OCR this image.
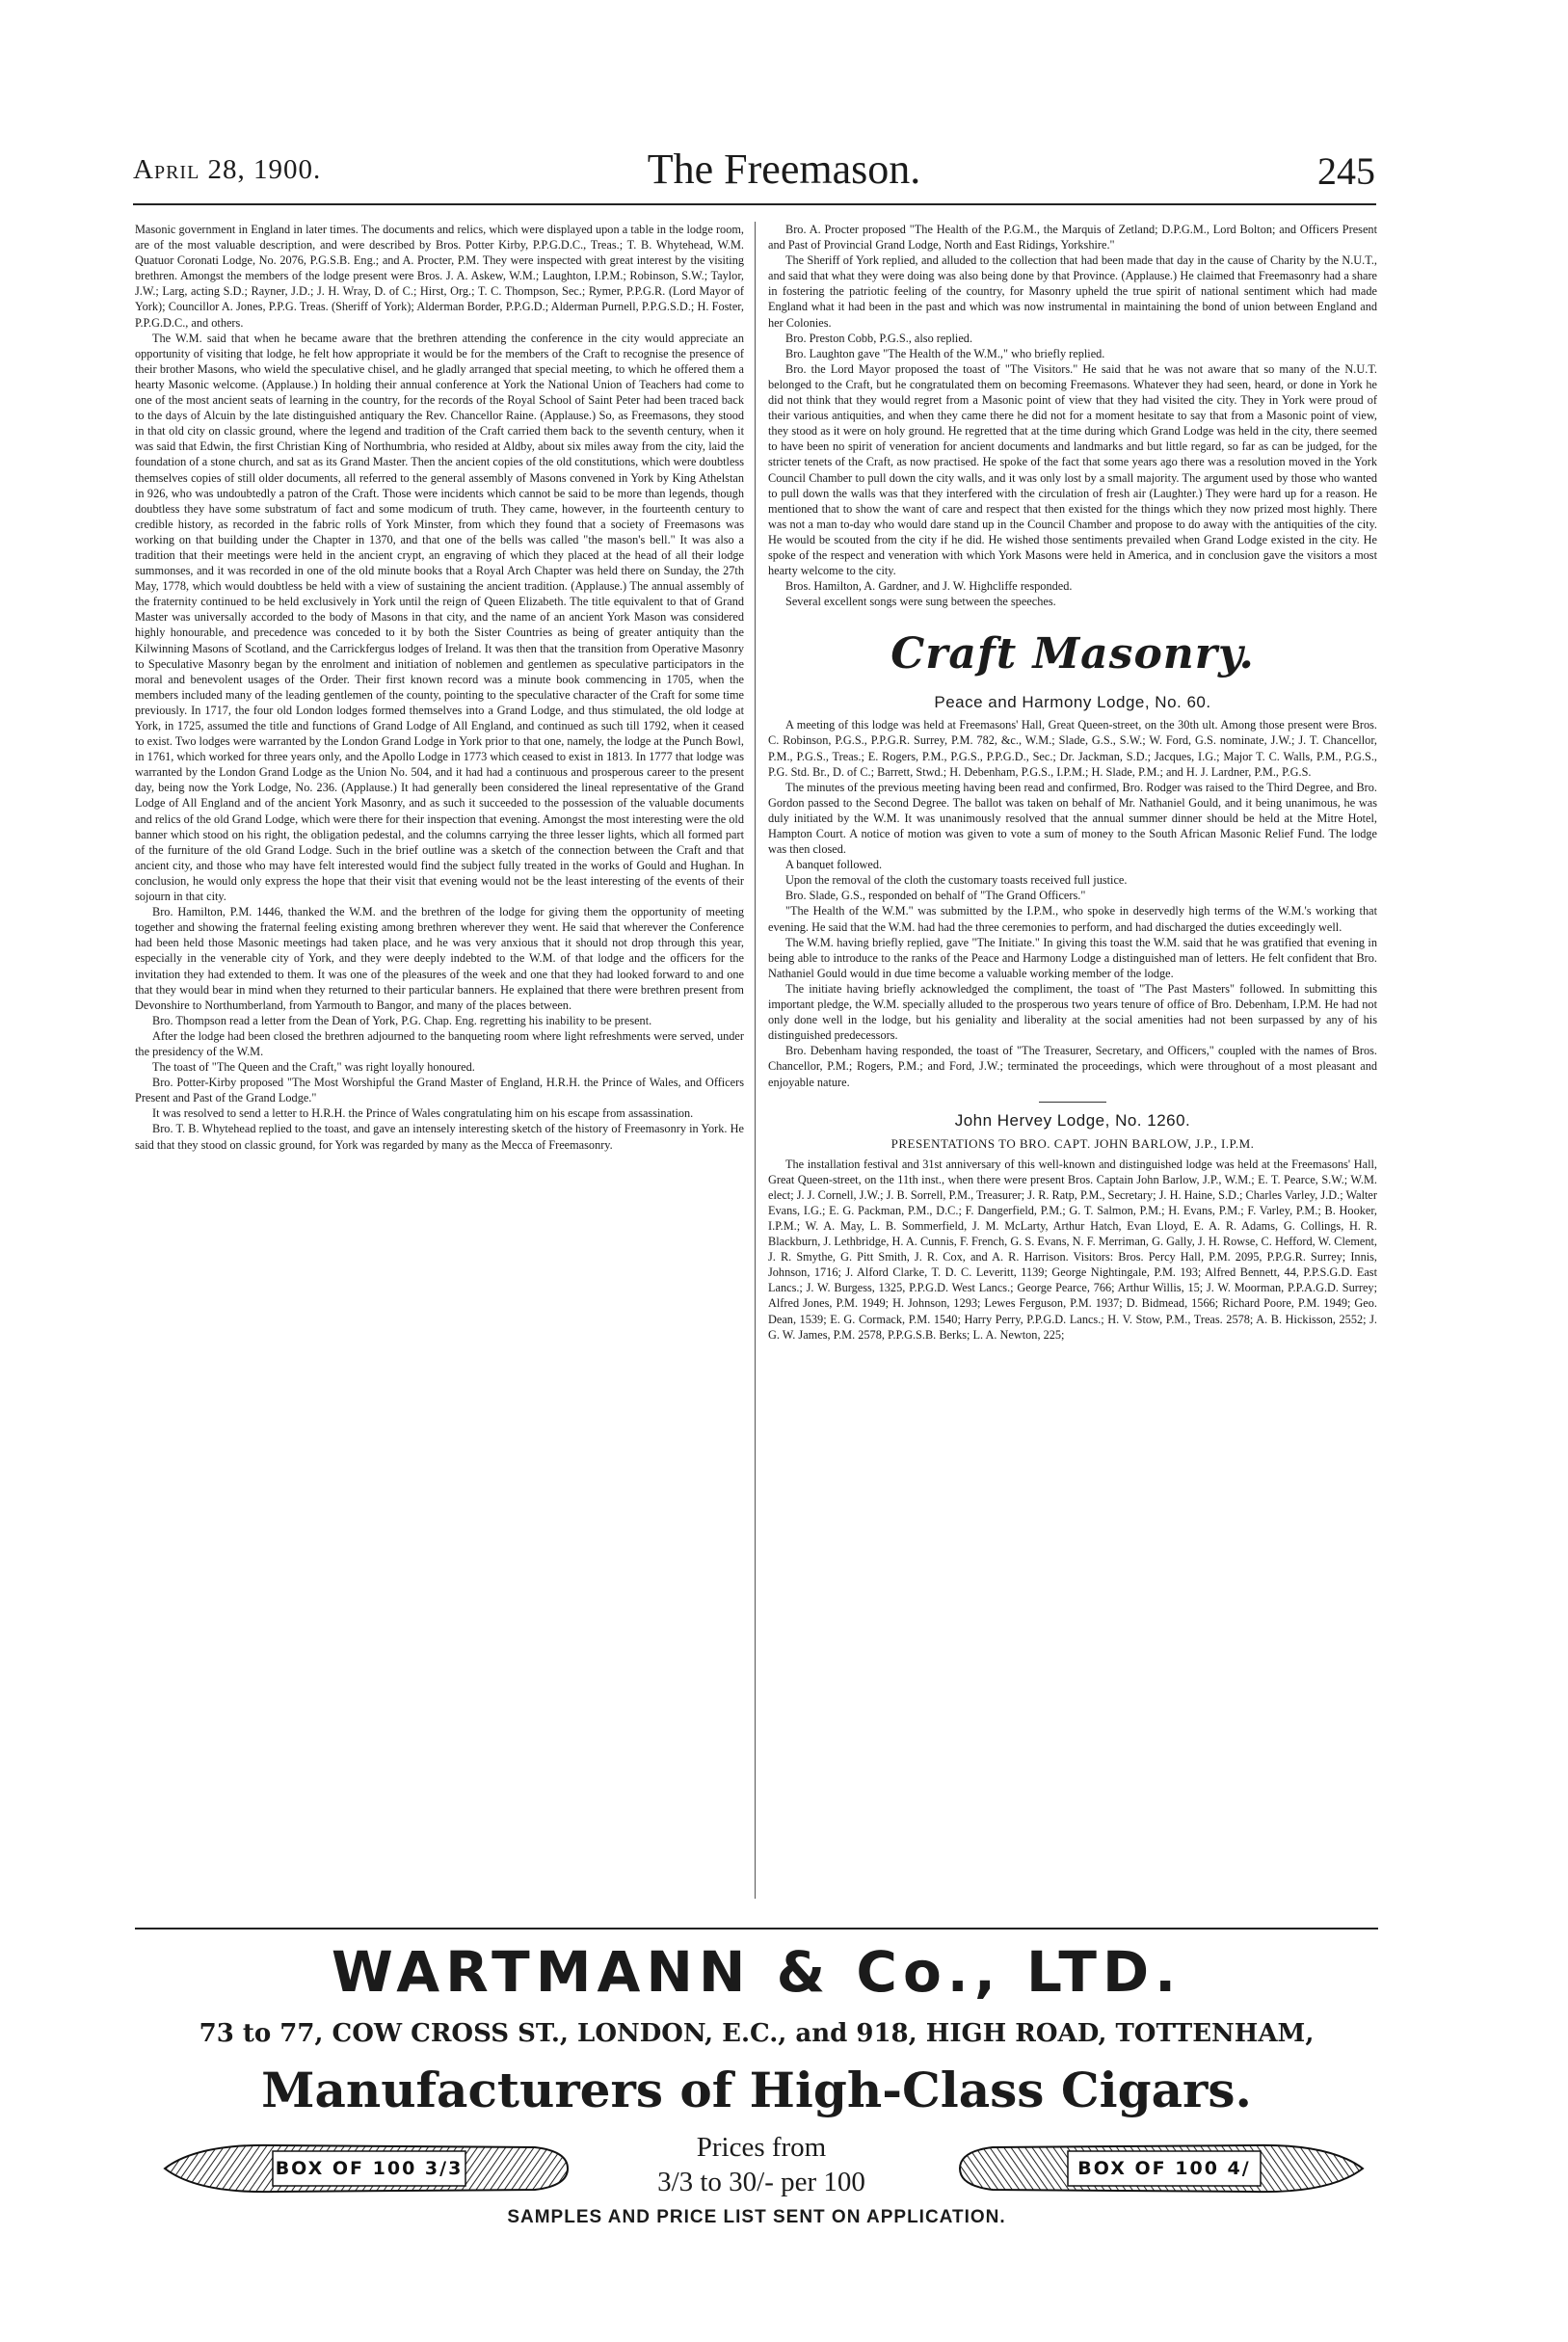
April 28, 1900.	The Freemason.	245

Masonic government in England in later times. The documents and relics, which were displayed upon a table in the lodge room, are of the most valuable description, and were described by Bros. Potter Kirby, P.P.G.D.C., Treas.; T. B. Whytehead, W.M. Quatuor Coronati Lodge, No. 2076, P.G.S.B. Eng.; and A. Procter, P.M. They were inspected with great interest by the visiting brethren. Amongst the members of the lodge present were Bros. J. A. Askew, W.M.; Laughton, I.P.M.; Robinson, S.W.; Taylor, J.W.; Larg, acting S.D.; Rayner, J.D.; J. H. Wray, D. of C.; Hirst, Org.; T. C. Thompson, Sec.; Rymer, P.P.G.R. (Lord Mayor of York); Councillor A. Jones, P.P.G. Treas. (Sheriff of York); Alderman Border, P.P.G.D.; Alderman Purnell, P.P.G.S.D.; H. Foster, P.P.G.D.C., and others.

The W.M. said that when he became aware that the brethren attending the conference in the city would appreciate an opportunity of visiting that lodge, he felt how appropriate it would be for the members of the Craft to recognise the presence of their brother Masons, who wield the speculative chisel, and he gladly arranged that special meeting, to which he offered them a hearty Masonic welcome. (Applause.) In holding their annual conference at York the National Union of Teachers had come to one of the most ancient seats of learning in the country, for the records of the Royal School of Saint Peter had been traced back to the days of Alcuin by the late distinguished antiquary the Rev. Chancellor Raine. (Applause.) So, as Freemasons, they stood in that old city on classic ground, where the legend and tradition of the Craft carried them back to the seventh century, when it was said that Edwin, the first Christian King of Northumbria, who resided at Aldby, about six miles away from the city, laid the foundation of a stone church, and sat as its Grand Master. Then the ancient copies of the old constitutions, which were doubtless themselves copies of still older documents, all referred to the general assembly of Masons convened in York by King Athelstan in 926, who was undoubtedly a patron of the Craft. Those were incidents which cannot be said to be more than legends, though doubtless they have some substratum of fact and some modicum of truth. They came, however, in the fourteenth century to credible history, as recorded in the fabric rolls of York Minster, from which they found that a society of Freemasons was working on that building under the Chapter in 1370, and that one of the bells was called "the mason's bell." It was also a tradition that their meetings were held in the ancient crypt, an engraving of which they placed at the head of all their lodge summonses, and it was recorded in one of the old minute books that a Royal Arch Chapter was held there on Sunday, the 27th May, 1778, which would doubtless be held with a view of sustaining the ancient tradition. (Applause.) The annual assembly of the fraternity continued to be held exclusively in York until the reign of Queen Elizabeth. The title equivalent to that of Grand Master was universally accorded to the body of Masons in that city, and the name of an ancient York Mason was considered highly honourable, and precedence was conceded to it by both the Sister Countries as being of greater antiquity than the Kilwinning Masons of Scotland, and the Carrickfergus lodges of Ireland. It was then that the transition from Operative Masonry to Speculative Masonry began by the enrolment and initiation of noblemen and gentlemen as speculative participators in the moral and benevolent usages of the Order. Their first known record was a minute book commencing in 1705, when the members included many of the leading gentlemen of the county, pointing to the speculative character of the Craft for some time previously. In 1717, the four old London lodges formed themselves into a Grand Lodge, and thus stimulated, the old lodge at York, in 1725, assumed the title and functions of Grand Lodge of All England, and continued as such till 1792, when it ceased to exist. Two lodges were warranted by the London Grand Lodge in York prior to that one, namely, the lodge at the Punch Bowl, in 1761, which worked for three years only, and the Apollo Lodge in 1773 which ceased to exist in 1813. In 1777 that lodge was warranted by the London Grand Lodge as the Union No. 504, and it had had a continuous and prosperous career to the present day, being now the York Lodge, No. 236. (Applause.) It had generally been considered the lineal representative of the Grand Lodge of All England and of the ancient York Masonry, and as such it succeeded to the possession of the valuable documents and relics of the old Grand Lodge, which were there for their inspection that evening. Amongst the most interesting were the old banner which stood on his right, the obligation pedestal, and the columns carrying the three lesser lights, which all formed part of the furniture of the old Grand Lodge. Such in the brief outline was a sketch of the connection between the Craft and that ancient city, and those who may have felt interested would find the subject fully treated in the works of Gould and Hughan. In conclusion, he would only express the hope that their visit that evening would not be the least interesting of the events of their sojourn in that city.

Bro. Hamilton, P.M. 1446, thanked the W.M. and the brethren of the lodge for giving them the opportunity of meeting together and showing the fraternal feeling existing among brethren wherever they went. He said that wherever the Conference had been held those Masonic meetings had taken place, and he was very anxious that it should not drop through this year, especially in the venerable city of York, and they were deeply indebted to the W.M. of that lodge and the officers for the invitation they had extended to them. It was one of the pleasures of the week and one that they had looked forward to and one that they would bear in mind when they returned to their particular banners. He explained that there were brethren present from Devonshire to Northumberland, from Yarmouth to Bangor, and many of the places between.

Bro. Thompson read a letter from the Dean of York, P.G. Chap. Eng. regretting his inability to be present.

After the lodge had been closed the brethren adjourned to the banqueting room where light refreshments were served, under the presidency of the W.M.

The toast of "The Queen and the Craft," was right loyally honoured.

Bro. Potter-Kirby proposed "The Most Worshipful the Grand Master of England, H.R.H. the Prince of Wales, and Officers Present and Past of the Grand Lodge."

It was resolved to send a letter to H.R.H. the Prince of Wales congratulating him on his escape from assassination.

Bro. T. B. Whytehead replied to the toast, and gave an intensely interesting sketch of the history of Freemasonry in York. He said that they stood on classic ground, for York was regarded by many as the Mecca of Freemasonry.

Bro. A. Procter proposed "The Health of the P.G.M., the Marquis of Zetland; D.P.G.M., Lord Bolton; and Officers Present and Past of Provincial Grand Lodge, North and East Ridings, Yorkshire."

The Sheriff of York replied, and alluded to the collection that had been made that day in the cause of Charity by the N.U.T., and said that what they were doing was also being done by that Province. (Applause.) He claimed that Freemasonry had a share in fostering the patriotic feeling of the country, for Masonry upheld the true spirit of national sentiment which had made England what it had been in the past and which was now instrumental in maintaining the bond of union between England and her Colonies.

Bro. Preston Cobb, P.G.S., also replied.

Bro. Laughton gave "The Health of the W.M.," who briefly replied.

Bro. the Lord Mayor proposed the toast of "The Visitors." He said that he was not aware that so many of the N.U.T. belonged to the Craft, but he congratulated them on becoming Freemasons. Whatever they had seen, heard, or done in York he did not think that they would regret from a Masonic point of view that they had visited the city. They in York were proud of their various antiquities, and when they came there he did not for a moment hesitate to say that from a Masonic point of view, they stood as it were on holy ground. He regretted that at the time during which Grand Lodge was held in the city, there seemed to have been no spirit of veneration for ancient documents and landmarks and but little regard, so far as can be judged, for the stricter tenets of the Craft, as now practised. He spoke of the fact that some years ago there was a resolution moved in the York Council Chamber to pull down the city walls, and it was only lost by a small majority. The argument used by those who wanted to pull down the walls was that they interfered with the circulation of fresh air (Laughter.) They were hard up for a reason. He mentioned that to show the want of care and respect that then existed for the things which they now prized most highly. There was not a man to-day who would dare stand up in the Council Chamber and propose to do away with the antiquities of the city. He would be scouted from the city if he did. He wished those sentiments prevailed when Grand Lodge existed in the city. He spoke of the respect and veneration with which York Masons were held in America, and in conclusion gave the visitors a most hearty welcome to the city.

Bros. Hamilton, A. Gardner, and J. W. Highcliffe responded.

Several excellent songs were sung between the speeches.

Craft Masonry.
Peace and Harmony Lodge, No. 60.

A meeting of this lodge was held at Freemasons' Hall, Great Queen-street, on the 30th ult. Among those present were Bros. C. Robinson, P.G.S., P.P.G.R. Surrey, P.M. 782, &c., W.M.; Slade, G.S., S.W.; W. Ford, G.S. nominate, J.W.; J. T. Chancellor, P.M., P.G.S., Treas.; E. Rogers, P.M., P.G.S., P.P.G.D., Sec.; Dr. Jackman, S.D.; Jacques, I.G.; Major T. C. Walls, P.M., P.G.S., P.G. Std. Br., D. of C.; Barrett, Stwd.; H. Debenham, P.G.S., I.P.M.; H. Slade, P.M.; and H. J. Lardner, P.M., P.G.S.

The minutes of the previous meeting having been read and confirmed, Bro. Rodger was raised to the Third Degree, and Bro. Gordon passed to the Second Degree. The ballot was taken on behalf of Mr. Nathaniel Gould, and it being unanimous, he was duly initiated by the W.M. It was unanimously resolved that the annual summer dinner should be held at the Mitre Hotel, Hampton Court. A notice of motion was given to vote a sum of money to the South African Masonic Relief Fund. The lodge was then closed.

A banquet followed.

Upon the removal of the cloth the customary toasts received full justice.

Bro. Slade, G.S., responded on behalf of "The Grand Officers."

"The Health of the W.M." was submitted by the I.P.M., who spoke in deservedly high terms of the W.M.'s working that evening. He said that the W.M. had had the three ceremonies to perform, and had discharged the duties exceedingly well.

The W.M. having briefly replied, gave "The Initiate." In giving this toast the W.M. said that he was gratified that evening in being able to introduce to the ranks of the Peace and Harmony Lodge a distinguished man of letters. He felt confident that Bro. Nathaniel Gould would in due time become a valuable working member of the lodge.

The initiate having briefly acknowledged the compliment, the toast of "The Past Masters" followed. In submitting this important pledge, the W.M. specially alluded to the prosperous two years tenure of office of Bro. Debenham, I.P.M. He had not only done well in the lodge, but his geniality and liberality at the social amenities had not been surpassed by any of his distinguished predecessors.

Bro. Debenham having responded, the toast of "The Treasurer, Secretary, and Officers," coupled with the names of Bros. Chancellor, P.M.; Rogers, P.M.; and Ford, J.W.; terminated the proceedings, which were throughout of a most pleasant and enjoyable nature.

John Hervey Lodge, No. 1260.
PRESENTATIONS TO BRO. CAPT. JOHN BARLOW, J.P., I.P.M.

The installation festival and 31st anniversary of this well-known and distinguished lodge was held at the Freemasons' Hall, Great Queen-street, on the 11th inst., when there were present Bros. Captain John Barlow, J.P., W.M.; E. T. Pearce, S.W.; W.M. elect; J. J. Cornell, J.W.; J. B. Sorrell, P.M., Treasurer; J. R. Ratp, P.M., Secretary; J. H. Haine, S.D.; Charles Varley, J.D.; Walter Evans, I.G.; E. G. Packman, P.M., D.C.; F. Dangerfield, P.M.; G. T. Salmon, P.M.; H. Evans, P.M.; F. Varley, P.M.; B. Hooker, I.P.M.; W. A. May, L. B. Sommerfield, J. M. McLarty, Arthur Hatch, Evan Lloyd, E. A. R. Adams, G. Collings, H. R. Blackburn, J. Lethbridge, H. A. Cunnis, F. French, G. S. Evans, N. F. Merriman, G. Gally, J. H. Rowse, C. Hefford, W. Clement, J. R. Smythe, G. Pitt Smith, J. R. Cox, and A. R. Harrison. Visitors: Bros. Percy Hall, P.M. 2095, P.P.G.R. Surrey; Innis, Johnson, 1716; J. Alford Clarke, T. D. C. Leveritt, 1139; George Nightingale, P.M. 193; Alfred Bennett, 44, P.P.S.G.D. East Lancs.; J. W. Burgess, 1325, P.P.G.D. West Lancs.; George Pearce, 766; Arthur Willis, 15; J. W. Moorman, P.P.A.G.D. Surrey; Alfred Jones, P.M. 1949; H. Johnson, 1293; Lewes Ferguson, P.M. 1937; D. Bidmead, 1566; Richard Poore, P.M. 1949; Geo. Dean, 1539; E. G. Cormack, P.M. 1540; Harry Perry, P.P.G.D. Lancs.; H. V. Stow, P.M., Treas. 2578; A. B. Hickisson, 2552; J. G. W. James, P.M. 2578, P.P.G.S.B. Berks; L. A. Newton, 225;

WARTMANN & Co., LTD.
73 to 77, COW CROSS ST., LONDON, E.C., and 918, HIGH ROAD, TOTTENHAM,
Manufacturers of High-Class Cigars.
BOX OF 100 3/3
Prices from
3/3 to 30/- per 100	BOX OF 100 4/
SAMPLES AND PRICE LIST SENT ON APPLICATION.
